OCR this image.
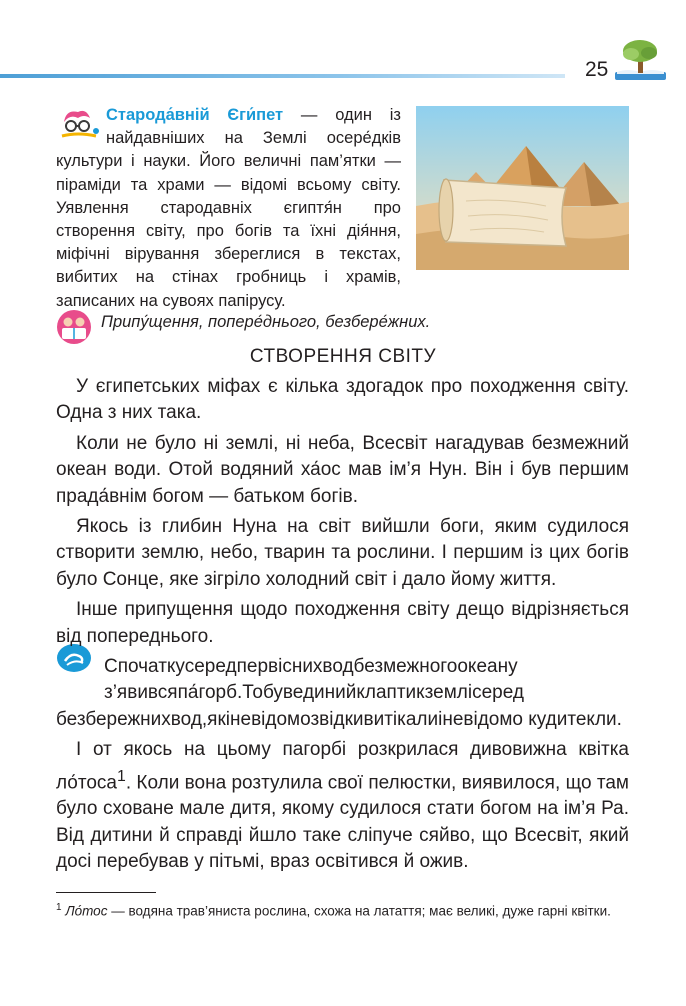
25
Старода́вній Єги́пет — один із найдавніших на Землі осере́дків культури і науки. Його величні пам’ятки — піраміди та храми — відомі всьому світу. Уявлення стародавніх єгиптя́н про створення світу, про богів та їхні дія́ння, міфічні вірування збереглися в текстах, вибитих на стінах гробниць і храмів, записаних на сувоях папірусу.
Припу́щення, попере́днього, безбере́жних.
СТВОРЕННЯ СВІТУ

У єгипетських міфах є кілька здогадок про походження світу. Одна з них така.

Коли не було ні землі, ні неба, Всесвіт нагадував безмежний океан води. Отой водяний ха́ос мав ім’я Нун. Він і був першим прада́внім богом — батьком богів.

Якось із глибин Нуна на світ вийшли боги, яким судилося створити землю, небо, тварин та рослини. І першим із цих богів було Сонце, яке зігріло холодний світ і дало йому життя.

Інше припущення щодо походження світу дещо відрізняється від попереднього.

Спочаткусередпервіснихводбезмежногоокеану з’явивсяпа́горб.Тобувединийклаптикземлісеред безбережнихвод,якіневідомозвідкивитікалиіневідомо кудитекли.

І от якось на цьому пагорбі розкрилася дивовижна квітка ло́тоса$^1$. Коли вона розтулила свої пелюстки, виявилося, що там було сховане мале дитя, якому судилося стати богом на ім’я Ра. Від дитини й справді йшло таке сліпуче сяйво, що Всесвіт, який досі перебував у пітьмі, враз освітився й ожив.

$^1$ Ло́тос — водяна трав’яниста рослина, схожа на латаття; має великі, дуже гарні квітки.
